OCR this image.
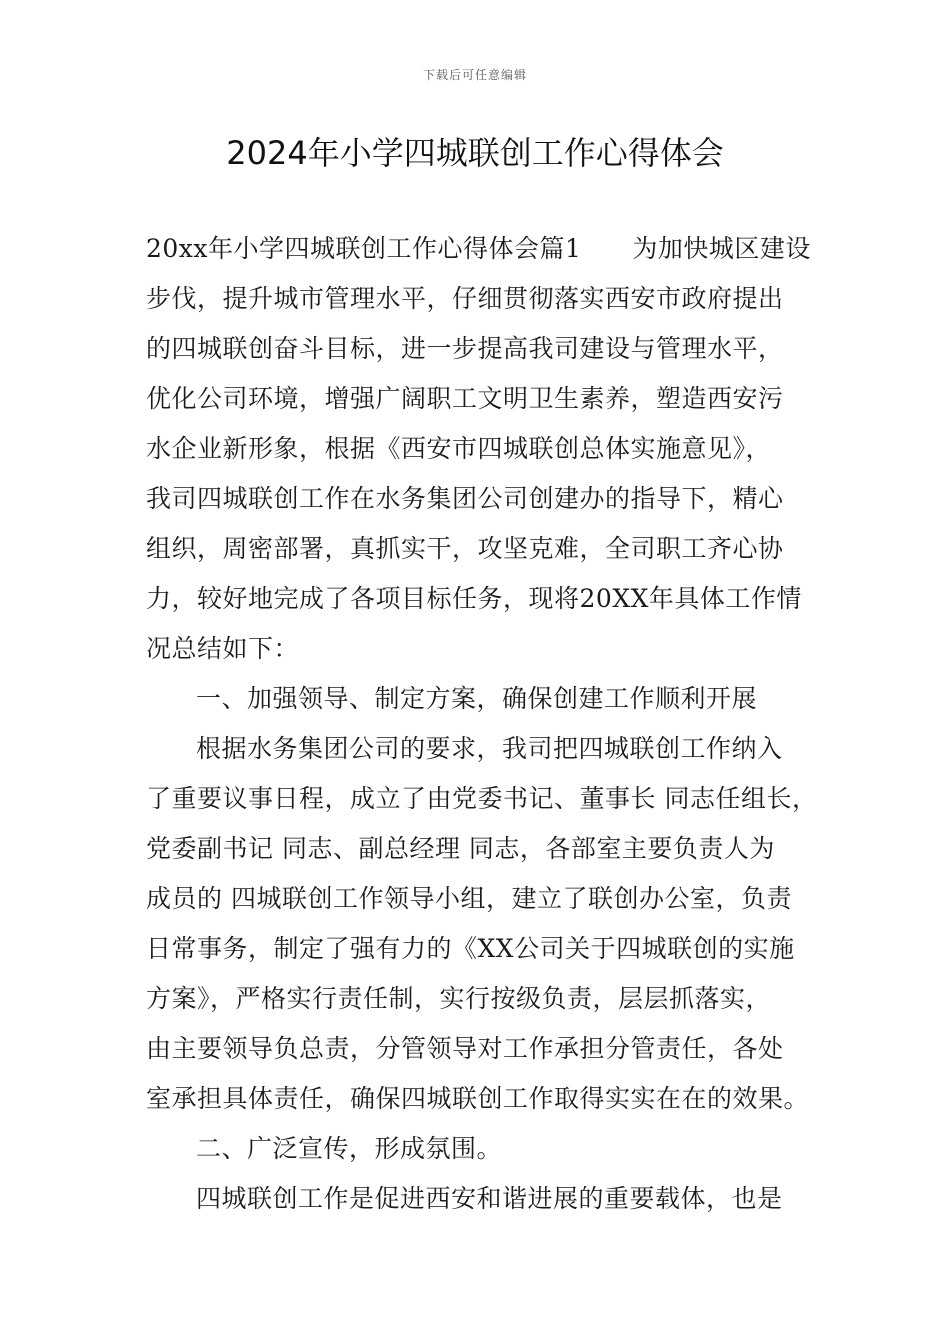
下载后可任意编辑
2024年小学四城联创工作心得体会
20xx年小学四城联创工作心得体会篇1　　为加快城区建设
步伐，提升城市管理水平，仔细贯彻落实西安市政府提出
的四城联创奋斗目标，进一步提高我司建设与管理水平，
优化公司环境，增强广阔职工文明卫生素养，塑造西安污
水企业新形象，根据《西安市四城联创总体实施意见》，
我司四城联创工作在水务集团公司创建办的指导下，精心
组织，周密部署，真抓实干，攻坚克难，全司职工齐心协
力，较好地完成了各项目标任务，现将20XX年具体工作情
况总结如下：
一、加强领导、制定方案，确保创建工作顺利开展
根据水务集团公司的要求，我司把四城联创工作纳入
了重要议事日程，成立了由党委书记、董事长 同志任组长，
党委副书记 同志、副总经理 同志，各部室主要负责人为
成员的 四城联创工作领导小组，建立了联创办公室，负责
日常事务，制定了强有力的《XX公司关于四城联创的实施
方案》，严格实行责任制，实行按级负责，层层抓落实，
由主要领导负总责，分管领导对工作承担分管责任，各处
室承担具体责任，确保四城联创工作取得实实在在的效果。
二、广泛宣传，形成氛围。
四城联创工作是促进西安和谐进展的重要载体，也是
